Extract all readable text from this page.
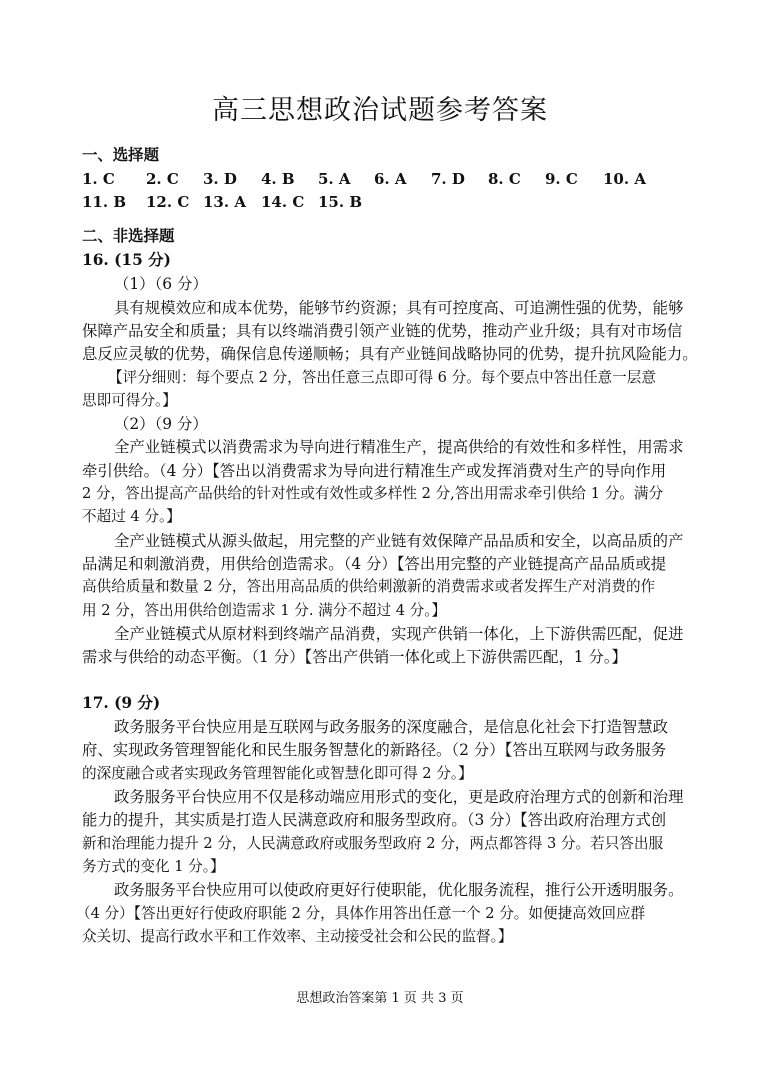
高三思想政治试题参考答案
一、选择题
1. C 2. C 3. D 4. B 5. A 6. A 7. D 8. C 9. C 10. A
11. B 12. C 13. A 14. C 15. B
二、非选择题
16. (15 分)
（1）（6 分）
具有规模效应和成本优势，能够节约资源；具有可控度高、可追溯性强的优势，能够
保障产品安全和质量；具有以终端消费引领产业链的优势，推动产业升级；具有对市场信
息反应灵敏的优势，确保信息传递顺畅；具有产业链间战略协同的优势，提升抗风险能力。
【评分细则：每个要点 2 分，答出任意三点即可得 6 分。每个要点中答出任意一层意
思即可得分。】
（2）（9 分）
全产业链模式以消费需求为导向进行精准生产，提高供给的有效性和多样性，用需求
牵引供给。（4 分）【答出以消费需求为导向进行精准生产或发挥消费对生产的导向作用
2 分，答出提高产品供给的针对性或有效性或多样性 2 分,答出用需求牵引供给 1 分。满分
不超过 4 分。】
全产业链模式从源头做起，用完整的产业链有效保障产品品质和安全，以高品质的产
品满足和刺激消费，用供给创造需求。（4 分）【答出用完整的产业链提高产品品质或提
高供给质量和数量 2 分，答出用高品质的供给刺激新的消费需求或者发挥生产对消费的作
用 2 分，答出用供给创造需求 1 分. 满分不超过 4 分。】
全产业链模式从原材料到终端产品消费，实现产供销一体化，上下游供需匹配，促进
需求与供给的动态平衡。（1 分）【答出产供销一体化或上下游供需匹配，1 分。】
17. (9 分)
政务服务平台快应用是互联网与政务服务的深度融合，是信息化社会下打造智慧政
府、实现政务管理智能化和民生服务智慧化的新路径。（2 分）【答出互联网与政务服务
的深度融合或者实现政务管理智能化或智慧化即可得 2 分。】
政务服务平台快应用不仅是移动端应用形式的变化，更是政府治理方式的创新和治理
能力的提升，其实质是打造人民满意政府和服务型政府。（3 分）【答出政府治理方式创
新和治理能力提升 2 分，人民满意政府或服务型政府 2 分，两点都答得 3 分。若只答出服
务方式的变化 1 分。】
政务服务平台快应用可以使政府更好行使职能，优化服务流程，推行公开透明服务。
（4 分）【答出更好行使政府职能 2 分，具体作用答出任意一个 2 分。如便捷高效回应群
众关切、提高行政水平和工作效率、主动接受社会和公民的监督。】
思想政治答案第 1 页 共 3 页
